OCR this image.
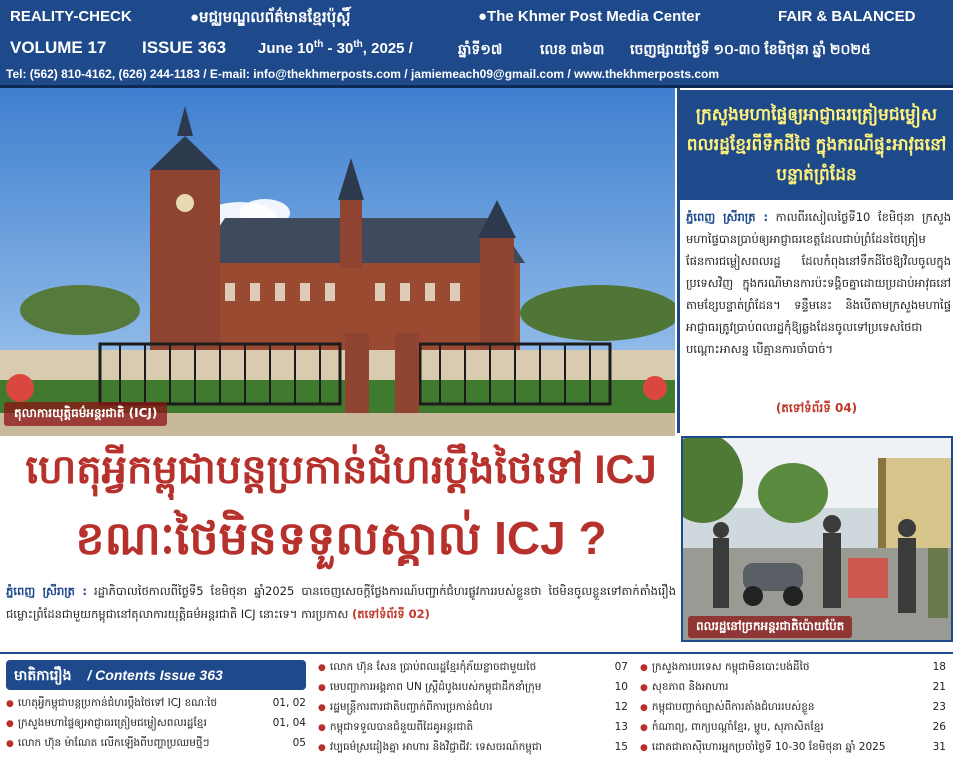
REALITY-CHECK	●មជ្ឈមណ្ឌលព័ត៌មានខ្មែរប៉ុស្តិ៍	●The Khmer Post Media Center	FAIR & BALANCED
VOLUME 17 ISSUE 363 June 10th - 30th, 2025 /	ឆ្នាំទី១៧	លេខ ៣៦៣ ចេញផ្សាយថ្ងៃទី ១០-៣០ ខែមិថុនា ឆ្នាំ ២០២៥
Tel: (562) 810-4162, (626) 244-1183 / E-mail: info@thekhmerposts.com / jamiemeach09@gmail.com / www.thekhmerposts.com
តុលាការយុត្តិធម៌អន្តរជាតិ (ICJ)
ក្រសួងមហាផ្ទៃឲ្យអាជ្ញាធរត្រៀមជម្លៀសពលរដ្ឋខ្មែរពីទឹកដីថៃ ក្នុងករណីផ្ទុះអាវុធនៅបន្ទាត់ព្រំដែន
ភ្នំពេញ ស្រីរាត្រ : កាលពីរសៀលថ្ងៃទី10 ខែមិថុនា ក្រសួងមហាផ្ទៃបានប្រាប់ឲ្យអាជ្ញាធរខេត្តដែលជាប់ព្រំដែនថៃត្រៀមផែនការជម្លៀសពលរដ្ឋ ដែលកំពុងនៅទឹកដីថៃឱ្យវិលចូលក្នុងប្រទេសវិញ ក្នុងករណីមានការប៉ះទង្គិចគ្នាដោយប្រដាប់អាវុធនៅតាមខ្សែបន្ទាត់ព្រំដែន។ ទន្ទឹមនេះ និងបើតាមក្រសួងមហាផ្ទៃ អាជ្ញាធរត្រូវប្រាប់ពលរដ្ឋកុំឱ្យឆ្លងដែនចូលទៅប្រទេសថៃជាបណ្តោះអាសន្ន បើគ្មានការចាំបាច់។
(តទៅទំព័រទី 04)
ពលរដ្ឋនៅច្រកអន្តរជាតិប៉ោយប៉ែត
ហេតុអ្វីកម្ពុជាបន្តប្រកាន់ជំហរប្តឹងថៃទៅ ICJ
ខណៈថៃមិនទទួលស្គាល់ ICJ ?
ភ្នំពេញ ស្រីរាត្រ : រដ្ឋាភិបាលថៃកាលពីថ្ងៃទី5 ខែមិថុនា ឆ្នាំ2025 បានចេញសេចក្តីថ្លែងការណ៍បញ្ជាក់ជំហរផ្លូវការរបស់ខ្លួនថា ថៃមិនចូលខ្លួនទៅតាក់តាំងរឿងជម្លោះព្រំដែនជាមួយកម្ពុជានៅតុលាការយុត្តិធម៌អន្តរជាតិ ICJ នោះទេ។ ការប្រកាស (តទៅទំព័រទី 02)
មាតិការឿង / Contents Issue 363
● ហេតុអ្វីកម្ពុជាបន្តប្រកាន់ជំហរប្តឹងថៃទៅ ICJ ខណៈថៃ	01, 02
● ក្រសួងមហាផ្ទៃឲ្យអាជ្ញាធរត្រៀមជម្លៀសពលរដ្ឋខ្មែរ	01, 04
● លោក ហ៊ុន ម៉ាណែត លើកឡើងពីបញ្ហាប្រឈមថ្មីៗ	05
● លោក ហ៊ុន សែន ប្រាប់ពលរដ្ឋខ្មែរកុំភ័យខ្លាចជាមួយថៃ	07
● មេបញ្ជាការអង្គភាព UN ស្ត្រីដំបូងរបស់កម្ពុជាដឹកនាំក្រុម	10
● រដ្ឋមន្ត្រីការពារជាតិបញ្ជាក់ពីការប្រកាន់ជំហរ	12
● កម្ពុជាទទួលបានជំនួយពីដៃគូអន្តរជាតិ	13
● វប្បធម៌ស្រដៀងគ្នា អាហារ និងវិជ្ជាជីវៈ ទេសចរណ៍កម្ពុជា	15
● ក្រសួងការបរទេស កម្ពុជាមិនបោះបង់ដីថៃ	18
● សុខភាព និងអាហារ	21
● កម្ពុជាបញ្ជាក់ច្បាស់ពីការតាំងជំហររបស់ខ្លួន	23
● កំណាព្យ, ពាក្យបណ្តាំខ្មែរ, ម្ហូប, សុភាសិតខ្មែរ	26
● ដោតជាតាស៊ីហោរអ្នកប្រចាំថ្ងៃទី 10-30 ខែមិថុនា ឆ្នាំ 2025	31
